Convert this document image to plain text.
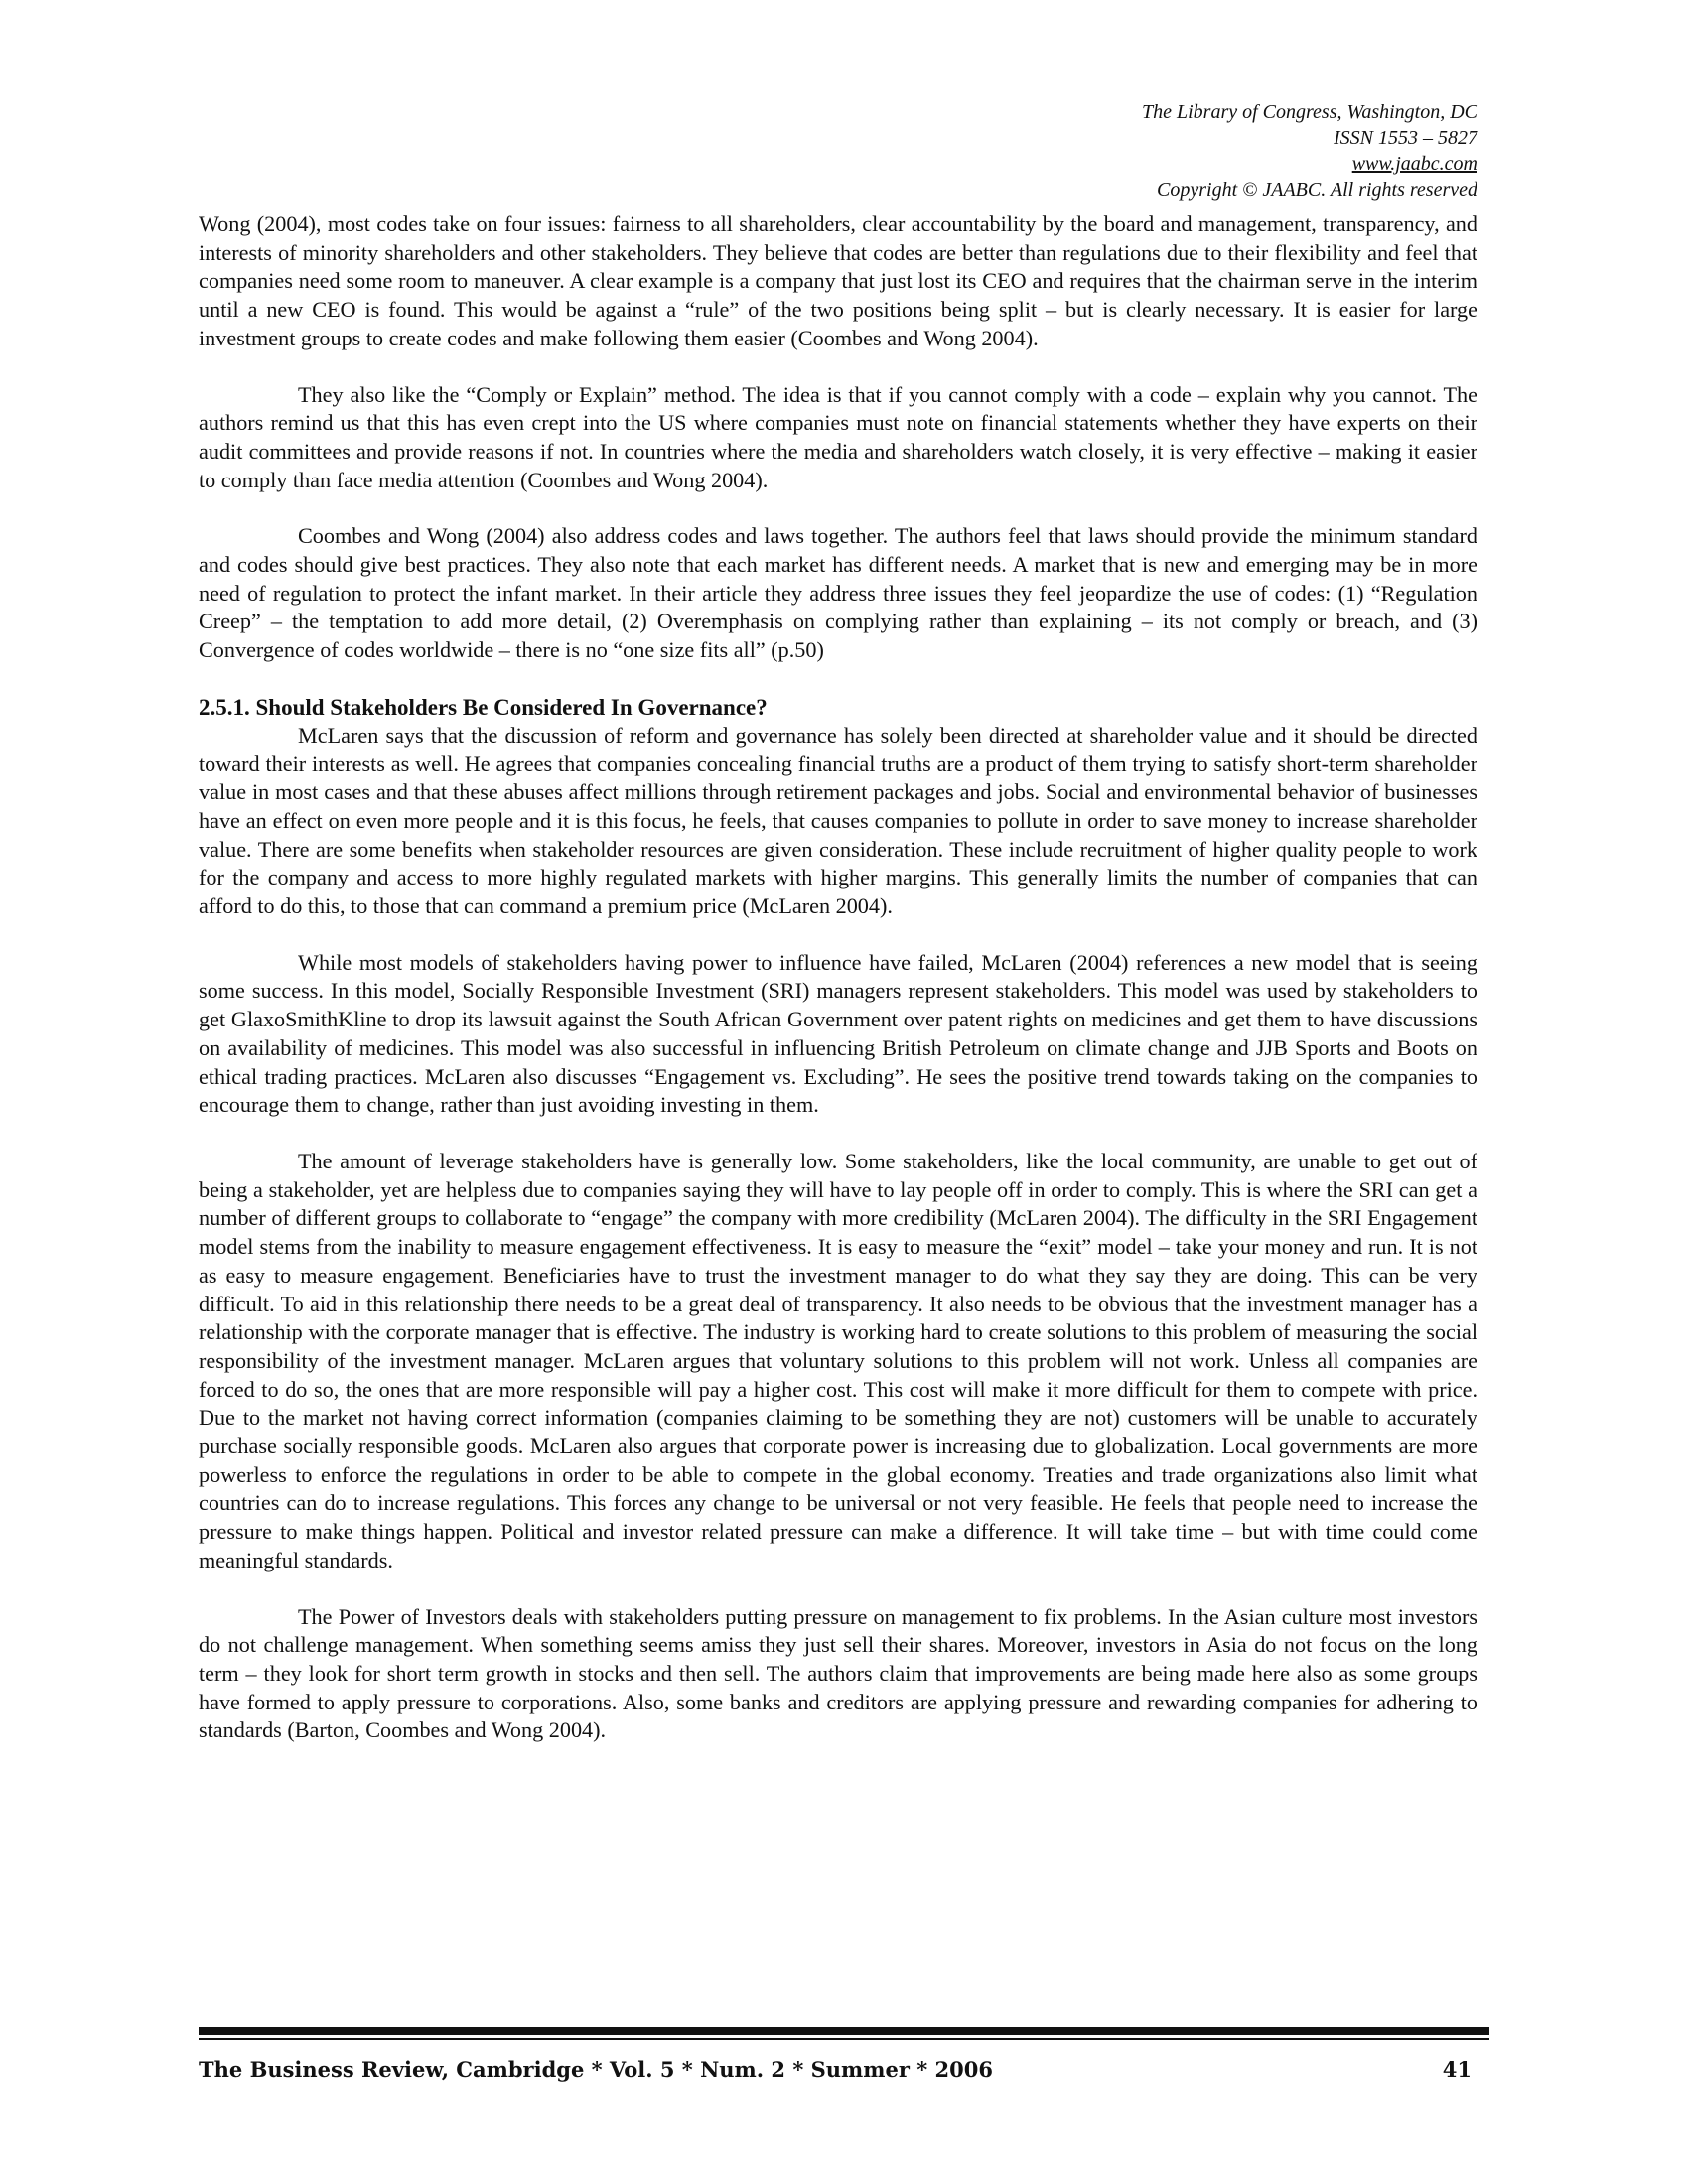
The Library of Congress, Washington, DC
ISSN 1553 – 5827
www.jaabc.com
Copyright © JAABC. All rights reserved

Wong (2004), most codes take on four issues: fairness to all shareholders, clear accountability by the board and management, transparency, and interests of minority shareholders and other stakeholders. They believe that codes are better than regulations due to their flexibility and feel that companies need some room to maneuver. A clear example is a company that just lost its CEO and requires that the chairman serve in the interim until a new CEO is found. This would be against a “rule” of the two positions being split – but is clearly necessary. It is easier for large investment groups to create codes and make following them easier (Coombes and Wong 2004).

They also like the “Comply or Explain” method. The idea is that if you cannot comply with a code – explain why you cannot. The authors remind us that this has even crept into the US where companies must note on financial statements whether they have experts on their audit committees and provide reasons if not. In countries where the media and shareholders watch closely, it is very effective – making it easier to comply than face media attention (Coombes and Wong 2004).

Coombes and Wong (2004) also address codes and laws together. The authors feel that laws should provide the minimum standard and codes should give best practices. They also note that each market has different needs. A market that is new and emerging may be in more need of regulation to protect the infant market. In their article they address three issues they feel jeopardize the use of codes: (1) “Regulation Creep” – the temptation to add more detail, (2) Overemphasis on complying rather than explaining – its not comply or breach, and (3) Convergence of codes worldwide – there is no “one size fits all” (p.50)

2.5.1. Should Stakeholders Be Considered In Governance?

McLaren says that the discussion of reform and governance has solely been directed at shareholder value and it should be directed toward their interests as well. He agrees that companies concealing financial truths are a product of them trying to satisfy short-term shareholder value in most cases and that these abuses affect millions through retirement packages and jobs. Social and environmental behavior of businesses have an effect on even more people and it is this focus, he feels, that causes companies to pollute in order to save money to increase shareholder value. There are some benefits when stakeholder resources are given consideration. These include recruitment of higher quality people to work for the company and access to more highly regulated markets with higher margins. This generally limits the number of companies that can afford to do this, to those that can command a premium price (McLaren 2004).

While most models of stakeholders having power to influence have failed, McLaren (2004) references a new model that is seeing some success. In this model, Socially Responsible Investment (SRI) managers represent stakeholders. This model was used by stakeholders to get GlaxoSmithKline to drop its lawsuit against the South African Government over patent rights on medicines and get them to have discussions on availability of medicines. This model was also successful in influencing British Petroleum on climate change and JJB Sports and Boots on ethical trading practices. McLaren also discusses “Engagement vs. Excluding”. He sees the positive trend towards taking on the companies to encourage them to change, rather than just avoiding investing in them.

The amount of leverage stakeholders have is generally low. Some stakeholders, like the local community, are unable to get out of being a stakeholder, yet are helpless due to companies saying they will have to lay people off in order to comply. This is where the SRI can get a number of different groups to collaborate to “engage” the company with more credibility (McLaren 2004). The difficulty in the SRI Engagement model stems from the inability to measure engagement effectiveness. It is easy to measure the “exit” model – take your money and run. It is not as easy to measure engagement. Beneficiaries have to trust the investment manager to do what they say they are doing. This can be very difficult. To aid in this relationship there needs to be a great deal of transparency. It also needs to be obvious that the investment manager has a relationship with the corporate manager that is effective. The industry is working hard to create solutions to this problem of measuring the social responsibility of the investment manager. McLaren argues that voluntary solutions to this problem will not work. Unless all companies are forced to do so, the ones that are more responsible will pay a higher cost. This cost will make it more difficult for them to compete with price. Due to the market not having correct information (companies claiming to be something they are not) customers will be unable to accurately purchase socially responsible goods. McLaren also argues that corporate power is increasing due to globalization. Local governments are more powerless to enforce the regulations in order to be able to compete in the global economy. Treaties and trade organizations also limit what countries can do to increase regulations. This forces any change to be universal or not very feasible. He feels that people need to increase the pressure to make things happen. Political and investor related pressure can make a difference. It will take time – but with time could come meaningful standards.

The Power of Investors deals with stakeholders putting pressure on management to fix problems. In the Asian culture most investors do not challenge management. When something seems amiss they just sell their shares. Moreover, investors in Asia do not focus on the long term – they look for short term growth in stocks and then sell. The authors claim that improvements are being made here also as some groups have formed to apply pressure to corporations. Also, some banks and creditors are applying pressure and rewarding companies for adhering to standards (Barton, Coombes and Wong 2004).

The Business Review, Cambridge * Vol. 5 * Num. 2 * Summer * 2006	41
